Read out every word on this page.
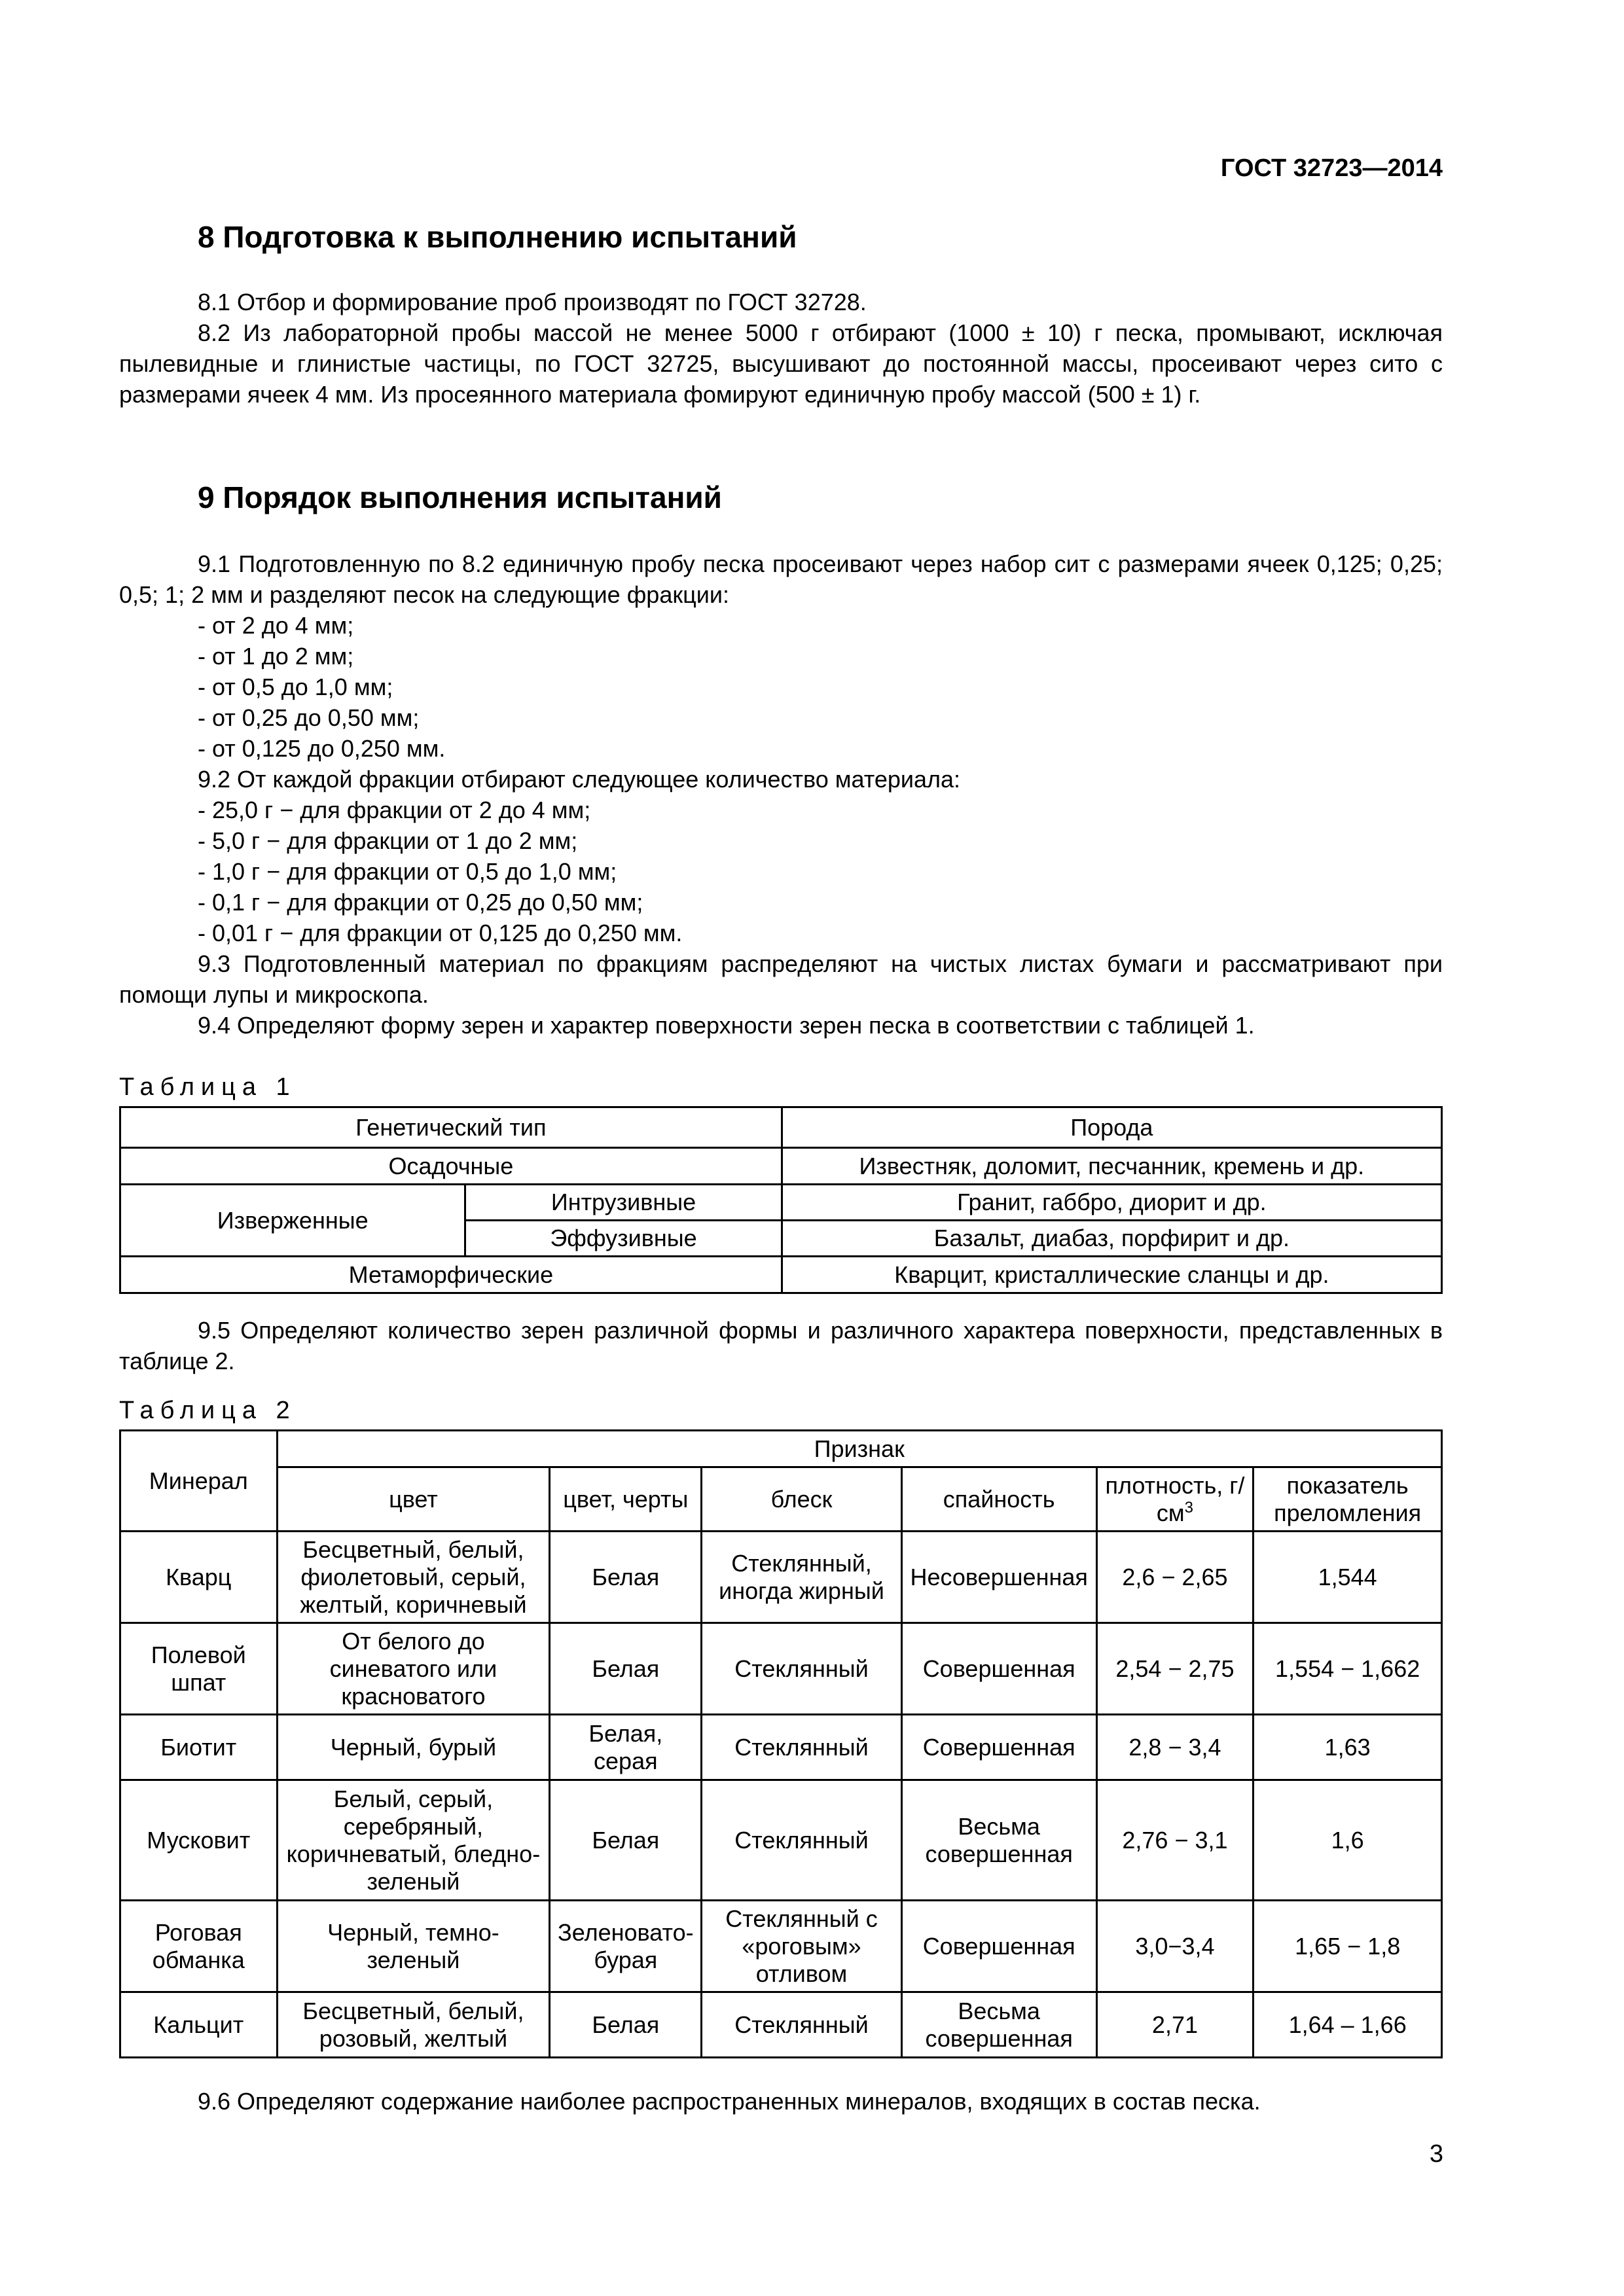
ГОСТ 32723—2014
8 Подготовка к выполнению испытаний

8.1 Отбор и формирование проб производят по ГОСТ 32728.

8.2 Из лабораторной пробы массой не менее 5000 г отбирают (1000 ± 10) г песка, промывают, исключая пылевидные и глинистые частицы, по ГОСТ 32725, высушивают до постоянной массы, просеивают через сито с размерами ячеек 4 мм. Из просеянного материала фомируют единичную пробу массой (500 ± 1) г.

9 Порядок выполнения испытаний

9.1 Подготовленную по 8.2 единичную пробу песка просеивают через набор сит с размерами ячеек 0,125; 0,25; 0,5; 1; 2 мм и разделяют песок на следующие фракции:

- от 2 до 4 мм;

- от 1 до 2 мм;

- от 0,5 до 1,0 мм;

- от 0,25 до 0,50 мм;

- от 0,125 до 0,250 мм.

9.2 От каждой фракции отбирают следующее количество материала:

- 25,0 г − для фракции от 2 до 4 мм;

- 5,0 г − для фракции от 1 до 2 мм;

- 1,0 г − для фракции от 0,5 до 1,0 мм;

- 0,1 г − для фракции от 0,25 до 0,50 мм;

- 0,01 г − для фракции от 0,125 до 0,250 мм.

9.3 Подготовленный материал по фракциям распределяют на чистых листах бумаги и рассматривают при помощи лупы и микроскопа.

9.4 Определяют форму зерен и характер поверхности зерен песка в соответствии с таблицей 1.

Таблица 1
Генетический тип		Порода
Осадочные		Известняк, доломит, песчанник, кремень и др.
Изверженные	Интрузивные	Гранит, габбро, диорит и др.
	Эффузивные	Базальт, диабаз, порфирит и др.
Метаморфические		Кварцит, кристаллические сланцы и др.

9.5 Определяют количество зерен различной формы и различного характера поверхности, представленных в таблице 2.

Таблица 2
Минерал	Признак					
	цвет	цвет, черты	блеск	спайность	плотность, $г/см^3$	показатель преломления
Кварц	Бесцветный, белый, фиолетовый, серый, желтый, коричневый	Белая	Стеклянный, иногда жирный	Несовершенная	2,6 − 2,65	1,544
Полевой шпат	От белого до синеватого или красноватого	Белая	Стеклянный	Совершенная	2,54 − 2,75	1,554 − 1,662
Биотит	Черный, бурый	Белая, серая	Стеклянный	Совершенная	2,8 − 3,4	1,63
Мусковит	Белый, серый, серебряный, коричневатый, бледно-зеленый	Белая	Стеклянный	Весьма совершенная	2,76 − 3,1	1,6
Роговая обманка	Черный, темно-зеленый	Зеленовато-бурая	Стеклянный с «роговым» отливом	Совершенная	3,0−3,4	1,65 − 1,8
Кальцит	Бесцветный, белый, розовый, желтый	Белая	Стеклянный	Весьма совершенная	2,71	1,64 – 1,66

9.6 Определяют содержание наиболее распространенных минералов, входящих в состав песка.

3
